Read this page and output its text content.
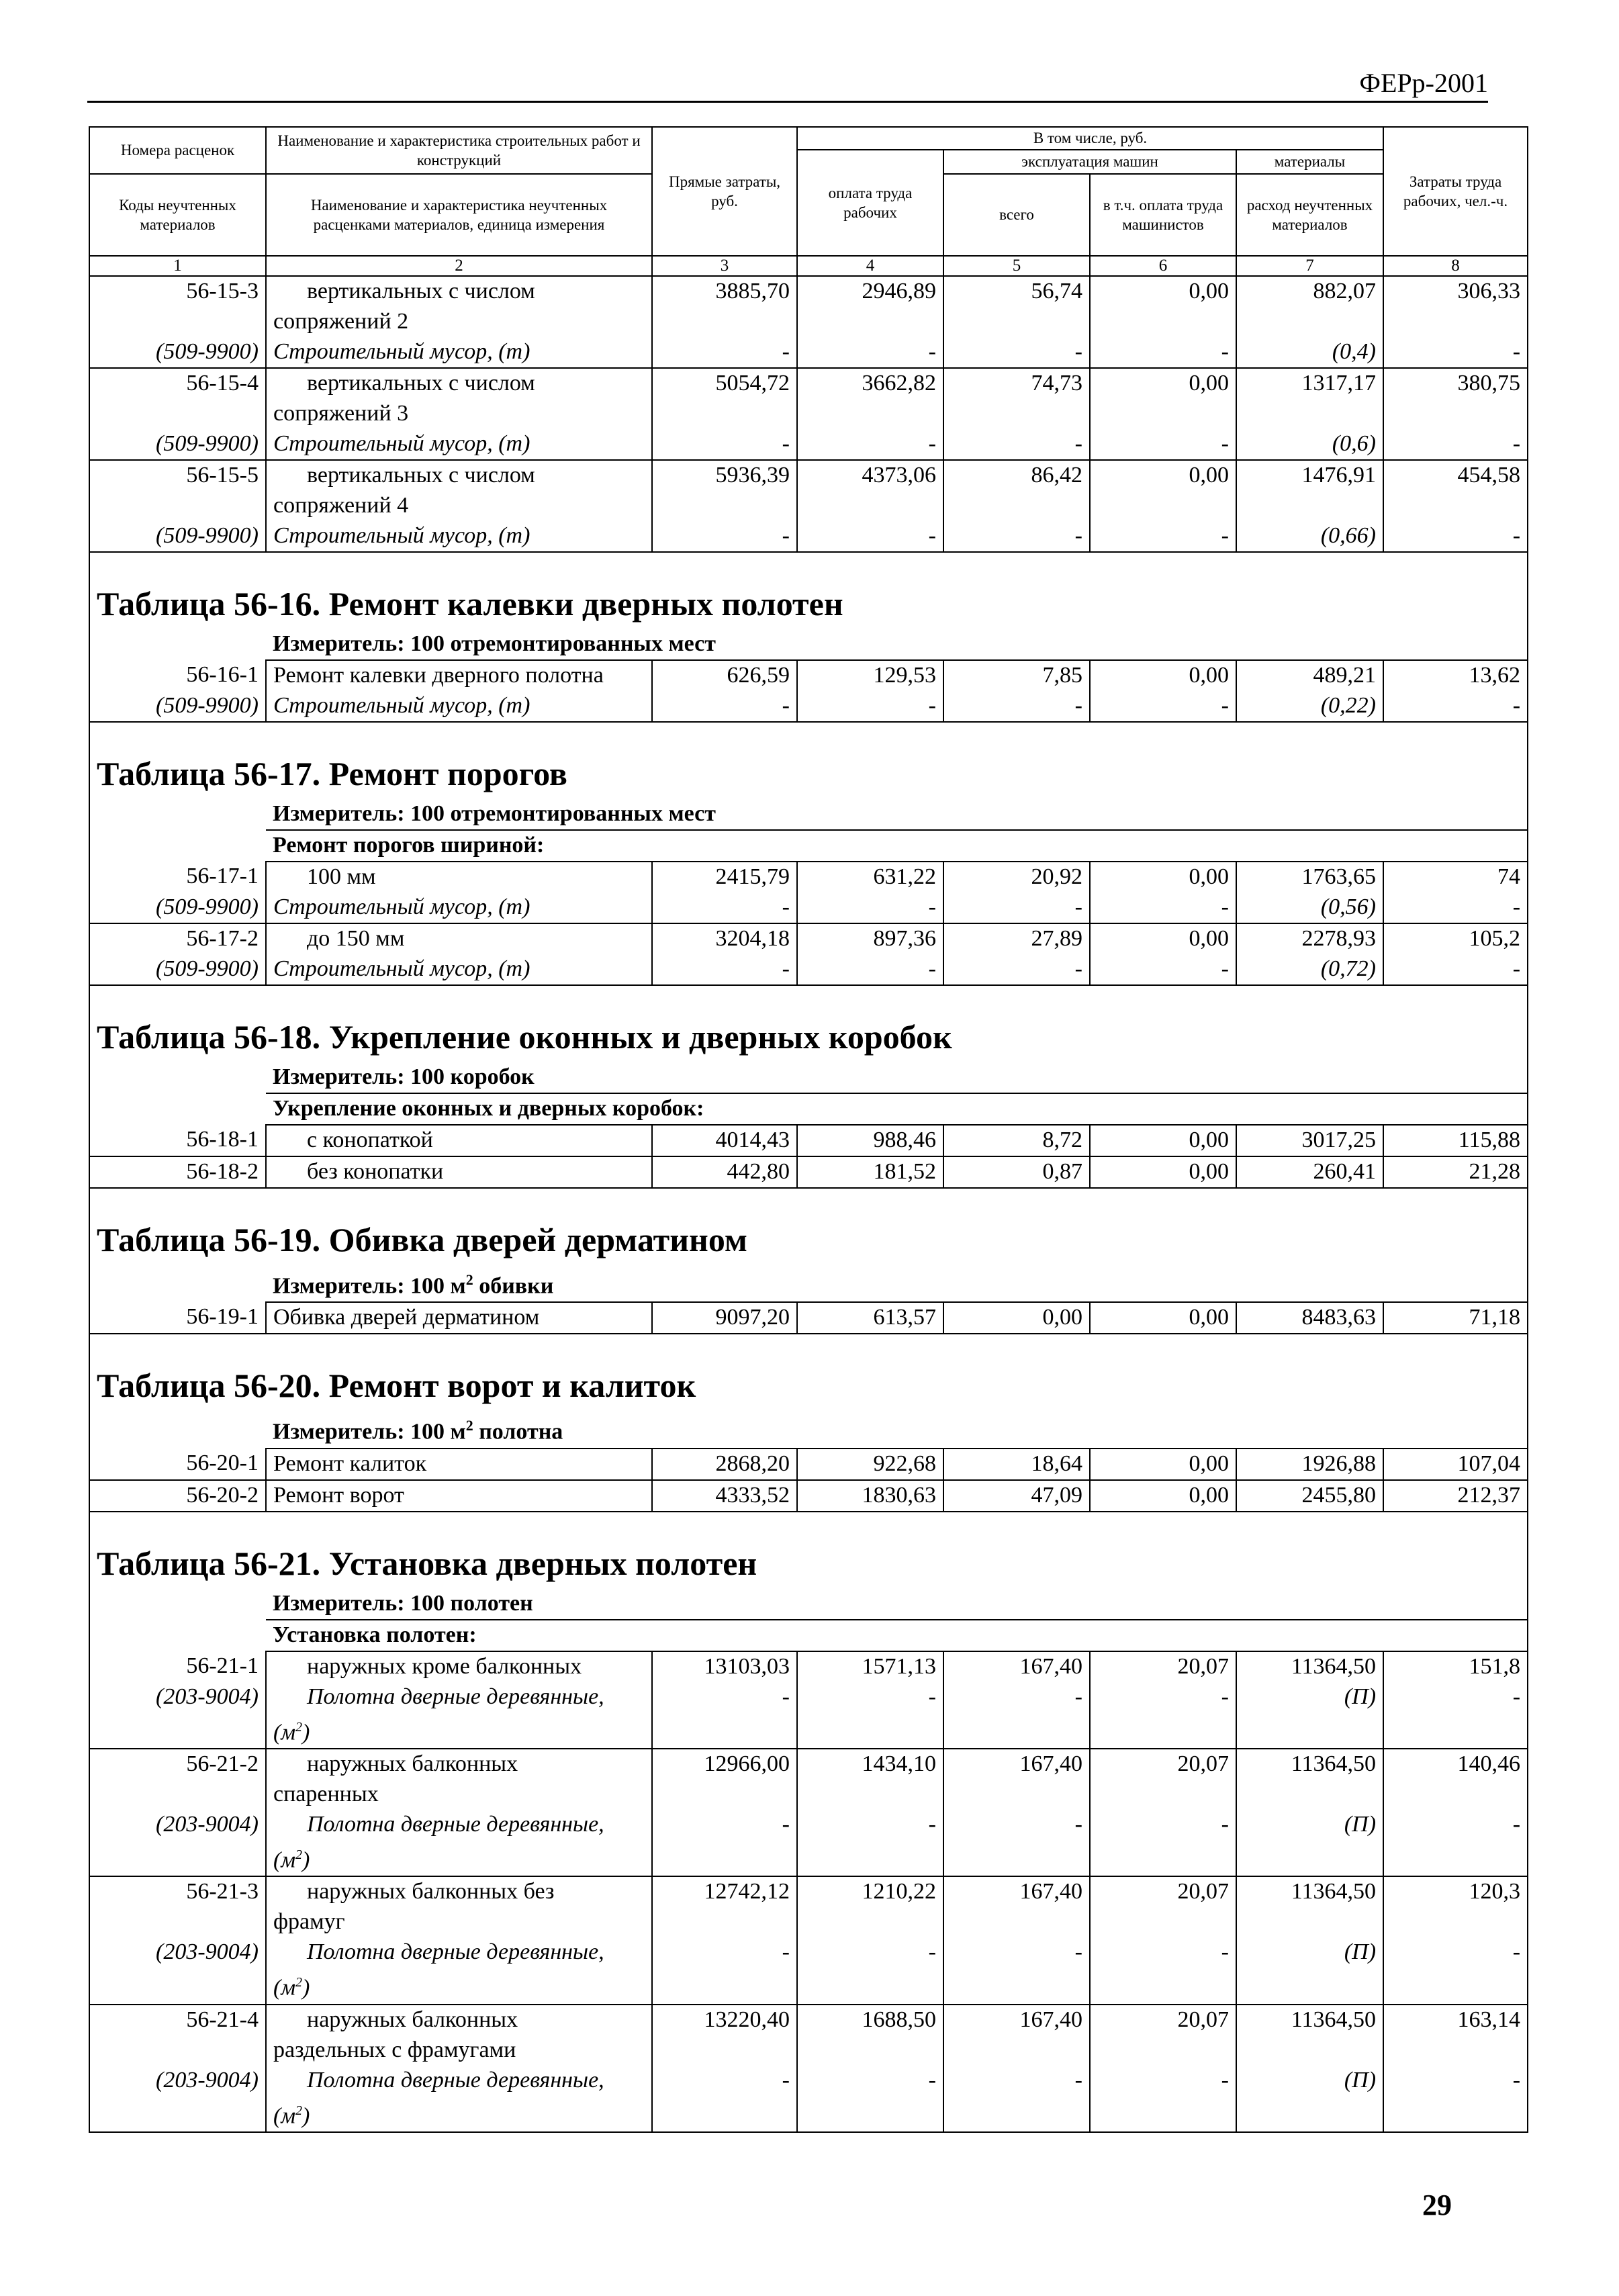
ФЕРр-2001
Номера расценок	Наименование и характеристика строительных работ и конструкций	Прямые затраты, руб.	В том числе, руб.				Затраты труда рабочих, чел.-ч.
			оплата труда рабочих	эксплуатация машин		материалы	
Коды неучтенных материалов	Наименование и характеристика неучтенных расценками материалов, единица измерения			всего	в т.ч. оплата труда машинистов	расход неучтенных материалов	

1	2	3	4	5	6	7	8
56-15-3	вертикальных с числом	3885,70	2946,89	56,74	0,00	882,07	306,33
	сопряжений 2						
(509-9900)	Строительный мусор, (т)	-	-	-	-	(0,4)	-
56-15-4	вертикальных с числом	5054,72	3662,82	74,73	0,00	1317,17	380,75
	сопряжений 3						
(509-9900)	Строительный мусор, (т)	-	-	-	-	(0,6)	-
56-15-5	вертикальных с числом	5936,39	4373,06	86,42	0,00	1476,91	454,58
	сопряжений 4						
(509-9900)	Строительный мусор, (т)	-	-	-	-	(0,66)	-
Таблица 56-16. Ремонт калевки дверных полотен							
	Измеритель: 100 отремонтированных мест						
56-16-1	Ремонт калевки дверного полотна	626,59	129,53	7,85	0,00	489,21	13,62
(509-9900)	Строительный мусор, (т)	-	-	-	-	(0,22)	-
Таблица 56-17. Ремонт порогов							
	Измеритель: 100 отремонтированных мест						
	Ремонт порогов шириной:						
56-17-1	100 мм	2415,79	631,22	20,92	0,00	1763,65	74
(509-9900)	Строительный мусор, (т)	-	-	-	-	(0,56)	-
56-17-2	до 150 мм	3204,18	897,36	27,89	0,00	2278,93	105,2
(509-9900)	Строительный мусор, (т)	-	-	-	-	(0,72)	-
Таблица 56-18. Укрепление оконных и дверных коробок							
	Измеритель: 100 коробок						
	Укрепление оконных и дверных коробок:						
56-18-1	с конопаткой	4014,43	988,46	8,72	0,00	3017,25	115,88
56-18-2	без конопатки	442,80	181,52	0,87	0,00	260,41	21,28
Таблица 56-19. Обивка дверей дерматином							
	Измеритель: 100 $м^2$ обивки						
56-19-1	Обивка дверей дерматином	9097,20	613,57	0,00	0,00	8483,63	71,18
Таблица 56-20. Ремонт ворот и калиток							
	Измеритель: 100 $м^2$ полотна						
56-20-1	Ремонт калиток	2868,20	922,68	18,64	0,00	1926,88	107,04
56-20-2	Ремонт ворот	4333,52	1830,63	47,09	0,00	2455,80	212,37
Таблица 56-21. Установка дверных полотен							
	Измеритель: 100 полотен						
	Установка полотен:						
56-21-1	наружных кроме балконных	13103,03	1571,13	167,40	20,07	11364,50	151,8
(203-9004)	Полотна дверные деревянные,	-	-	-	-	(П)	-
	$(м^2)$						
56-21-2	наружных балконных	12966,00	1434,10	167,40	20,07	11364,50	140,46
	спаренных						
(203-9004)	Полотна дверные деревянные,	-	-	-	-	(П)	-
	$(м^2)$						
56-21-3	наружных балконных без	12742,12	1210,22	167,40	20,07	11364,50	120,3
	фрамуг						
(203-9004)	Полотна дверные деревянные,	-	-	-	-	(П)	-
	$(м^2)$						
56-21-4	наружных балконных	13220,40	1688,50	167,40	20,07	11364,50	163,14
	раздельных с фрамугами						
(203-9004)	Полотна дверные деревянные,	-	-	-	-	(П)	-
	$(м^2)$						
29
